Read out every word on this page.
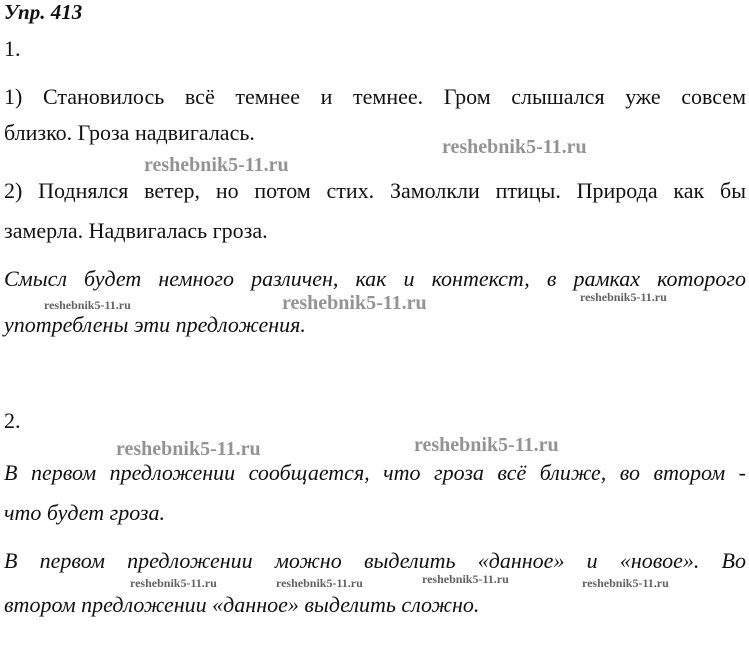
Упр. 413
1.
1) Становилось всё темнее и темнее. Гром слышался уже совсем
близко. Гроза надвигалась.
2) Поднялся ветер, но потом стих. Замолкли птицы. Природа как бы
замерла. Надвигалась гроза.
Смысл будет немного различен, как и контекст, в рамках которого
употреблены эти предложения.
2.
В первом предложении сообщается, что гроза всё ближе, во втором -
что будет гроза.
В первом предложении можно выделить «данное» и «новое». Во
втором предложении «данное» выделить сложно.
reshebnik5-11.ru
reshebnik5-11.ru
reshebnik5-11.ru
reshebnik5-11.ru
reshebnik5-11.ru
reshebnik5-11.ru	reshebnik5-11.ru
reshebnik5-11.ru	reshebnik5-11.ru	reshebnik5-11.ru	reshebnik5-11.ru
